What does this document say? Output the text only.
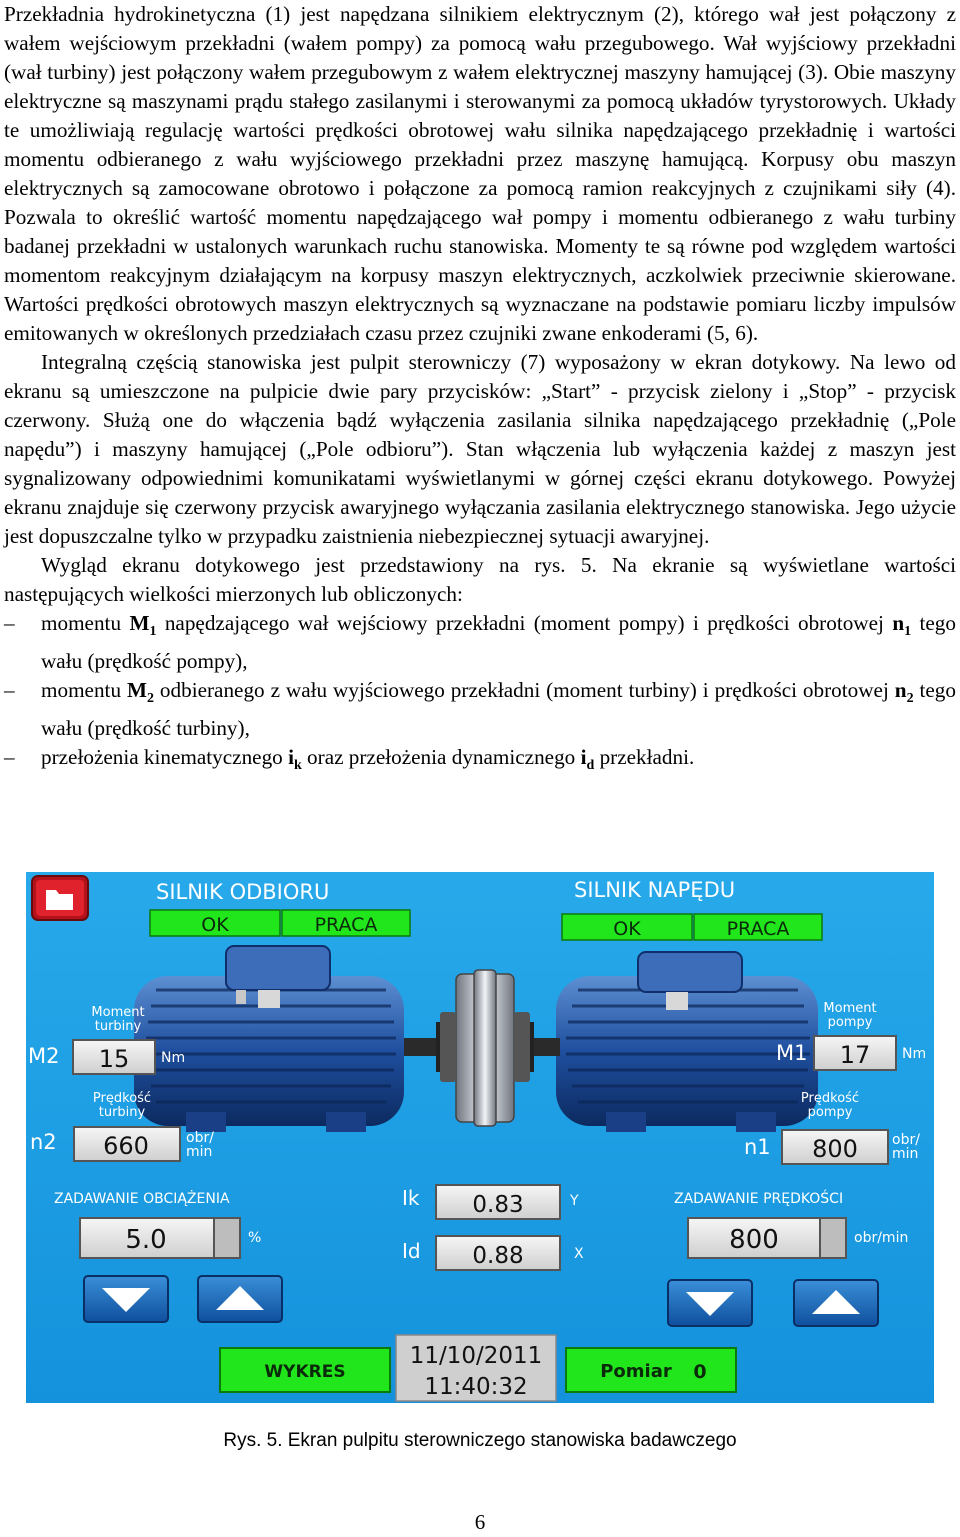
Przekładnia hydrokinetyczna (1) jest napędzana silnikiem elektrycznym (2), którego wał jest połączony z wałem wejściowym przekładni (wałem pompy) za pomocą wału przegubowego. Wał wyjściowy przekładni (wał turbiny) jest połączony wałem przegubowym z wałem elektrycznej maszyny hamującej (3). Obie maszyny elektryczne są maszynami prądu stałego zasilanymi i sterowanymi za pomocą układów tyrystorowych. Układy te umożliwiają regulację wartości prędkości obrotowej wału silnika napędzającego przekładnię i wartości momentu odbieranego z wału wyjściowego przekładni przez maszynę hamującą. Korpusy obu maszyn elektrycznych są zamocowane obrotowo i połączone za pomocą ramion reakcyjnych z czujnikami siły (4). Pozwala to określić wartość momentu napędzającego wał pompy i momentu odbieranego z wału turbiny badanej przekładni w ustalonych warunkach ruchu stanowiska. Momenty te są równe pod względem wartości momentom reakcyjnym działającym na korpusy maszyn elektrycznych, aczkolwiek przeciwnie skierowane. Wartości prędkości obrotowych maszyn elektrycznych są wyznaczane na podstawie pomiaru liczby impulsów emitowanych w określonych przedziałach czasu przez czujniki zwane enkoderami (5, 6).

Integralną częścią stanowiska jest pulpit sterowniczy (7) wyposażony w ekran dotykowy. Na lewo od ekranu są umieszczone na pulpicie dwie pary przycisków: „Start” - przycisk zielony i „Stop” - przycisk czerwony. Służą one do włączenia bądź wyłączenia zasilania silnika napędzającego przekładnię („Pole napędu”) i maszyny hamującej („Pole odbioru”). Stan włączenia lub wyłączenia każdej z maszyn jest sygnalizowany odpowiednimi komunikatami wyświetlanymi w górnej części ekranu dotykowego. Powyżej ekranu znajduje się czerwony przycisk awaryjnego wyłączania zasilania elektrycznego stanowiska. Jego użycie jest dopuszczalne tylko w przypadku zaistnienia niebezpiecznej sytuacji awaryjnej.

Wygląd ekranu dotykowego jest przedstawiony na rys. 5. Na ekranie są wyświetlane wartości następujących wielkości mierzonych lub obliczonych:

– momentu $M_1$ napędzającego wał wejściowy przekładni (moment pompy) i prędkości obrotowej $n_1$ tego wału (prędkość pompy),
– momentu $M_2$ odbieranego z wału wyjściowego przekładni (moment turbiny) i prędkości obrotowej $n_2$ tego wału (prędkość turbiny),
– przełożenia kinematycznego $i_k$ oraz przełożenia dynamicznego $i_d$ przekładni.
SILNIK ODBIORU	SILNIK NAPĘDU
OK	PRACA	OK	PRACA
Moment
turbiny
M2 15 Nm
Prędkość
turbiny
n2 660	obr/
min
Moment
pompy
M1 17 Nm
Prędkość
pompy
n1 800 obr/
min
ZADAWANIE OBCIĄŻENIA
5.0	%
Ik 0.83	Y
Id 0.88	X
ZADAWANIE PRĘDKOŚCI
800	obr/min
WYKRES
11/10/2011
11:40:32
Pomiar 0
Rys. 5. Ekran pulpitu sterowniczego stanowiska badawczego
6
